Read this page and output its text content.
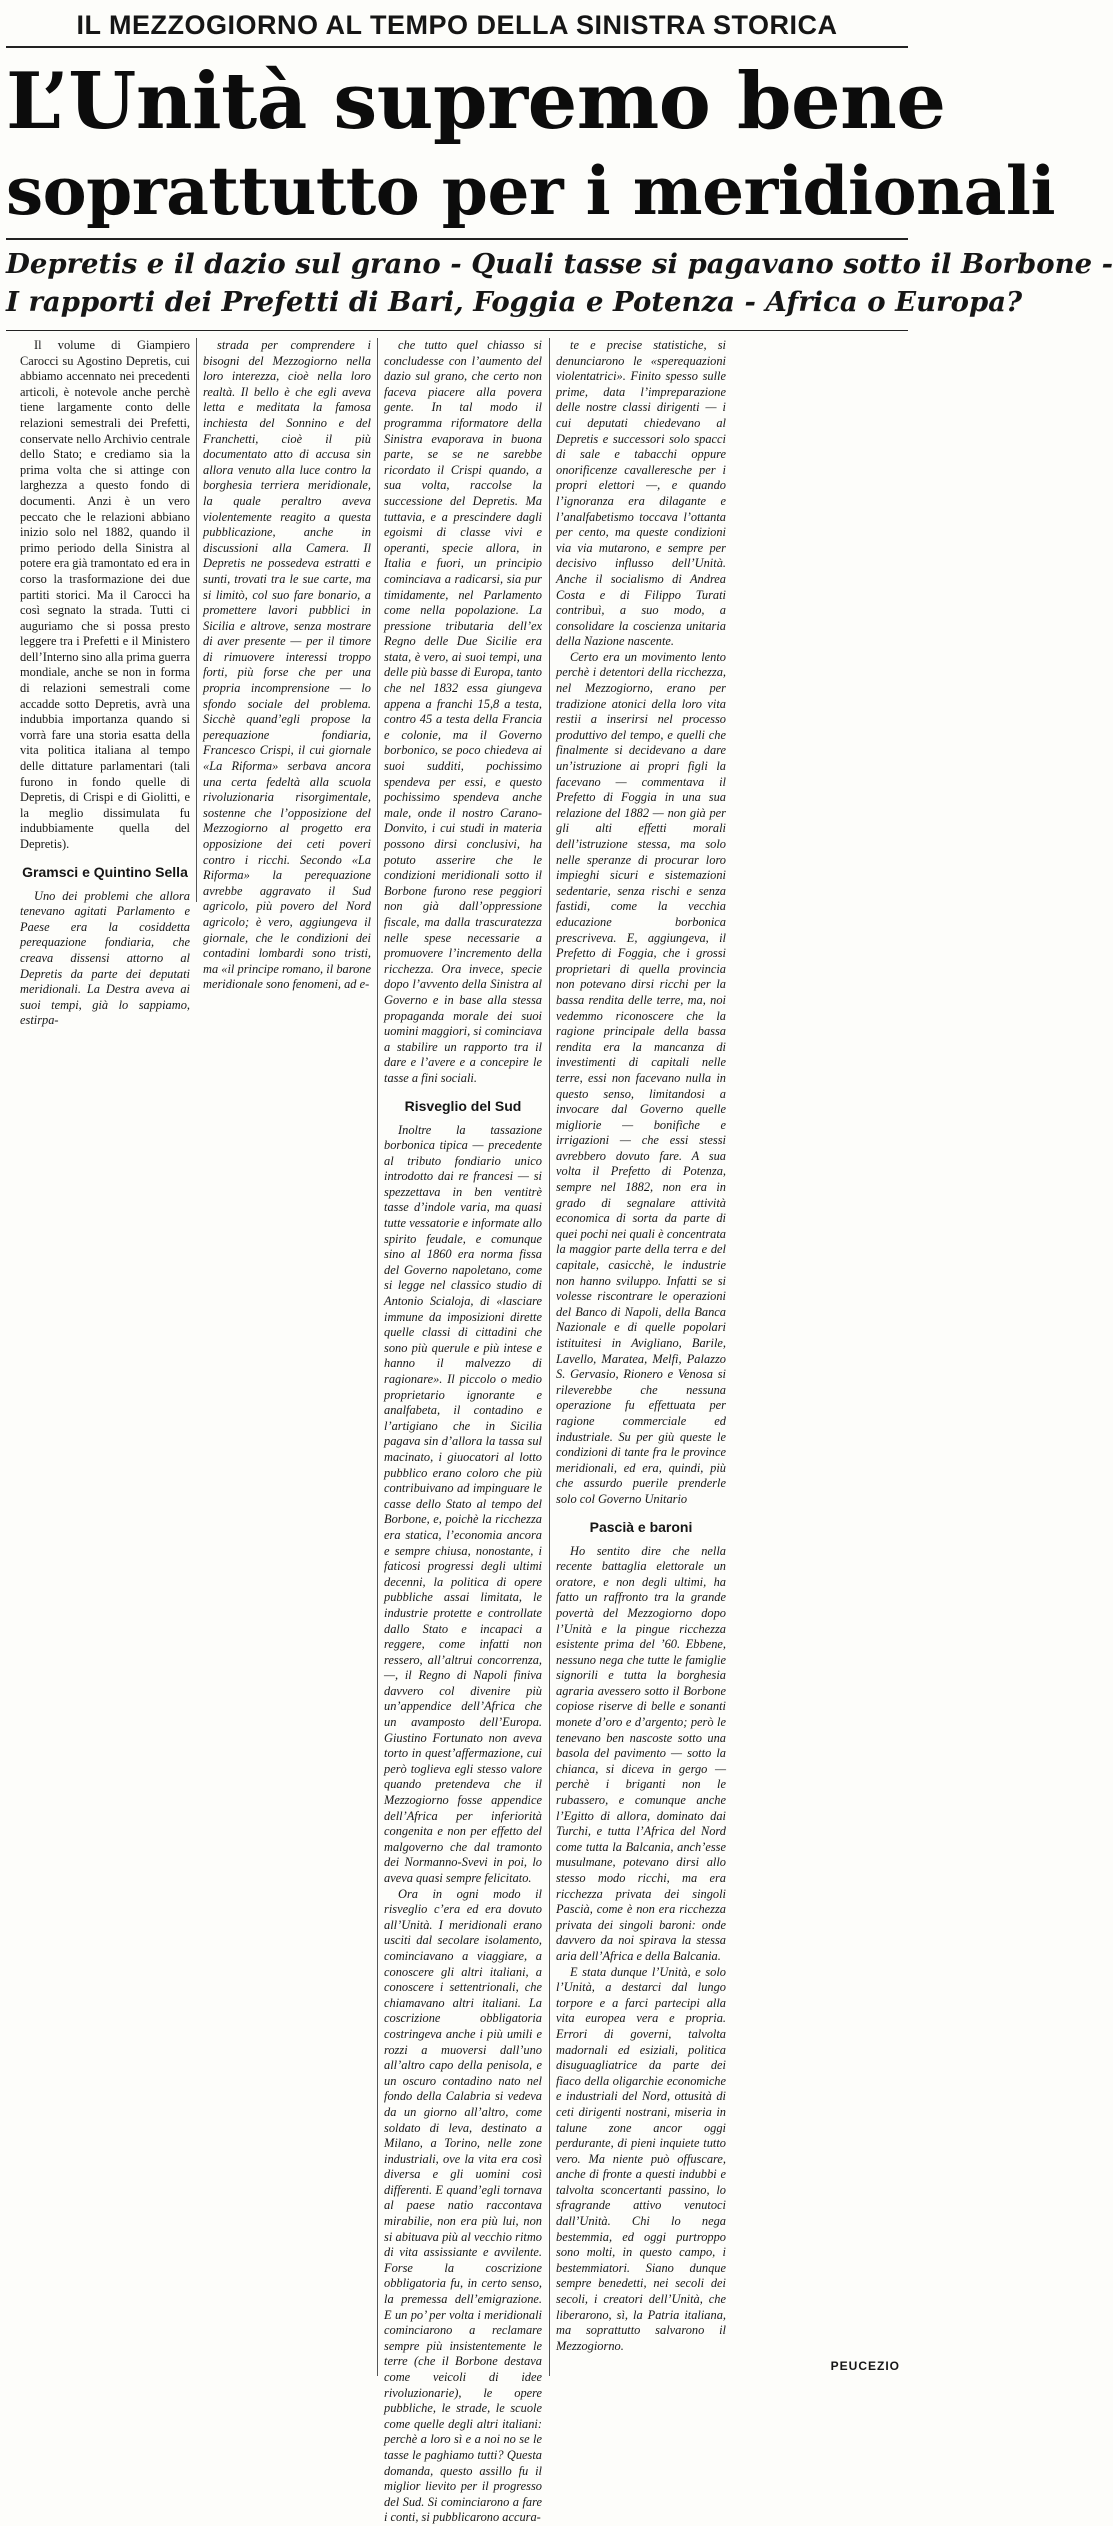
IL MEZZOGIORNO AL TEMPO DELLA SINISTRA STORICA
L’Unità supremo bene
soprattutto per i meridionali
Depretis e il dazio sul grano - Quali tasse si pagavano sotto il Borbone -
I rapporti dei Prefetti di Bari, Foggia e Potenza - Africa o Europa?

Il volume di Giampiero Carocci su Agostino Depretis, cui abbiamo accennato nei precedenti articoli, è notevole anche perchè tiene largamente conto delle relazioni semestrali dei Prefetti, conservate nello Archivio centrale dello Stato; e crediamo sia la prima volta che si attinge con larghezza a questo fondo di documenti. Anzi è un vero peccato che le relazioni abbiano inizio solo nel 1882, quando il primo periodo della Sinistra al potere era già tramontato ed era in corso la trasformazione dei due partiti storici. Ma il Carocci ha così segnato la strada. Tutti ci auguriamo che si possa presto leggere tra i Prefetti e il Ministero dell’Interno sino alla prima guerra mondiale, anche se non in forma di relazioni semestrali come accadde sotto Depretis, avrà una indubbia importanza quando si vorrà fare una storia esatta della vita politica italiana al tempo delle dittature parlamentari (tali furono in fondo quelle di Depretis, di Crispi e di Giolitti, e la meglio dissimulata fu indubbiamente quella del Depretis).

Gramsci e Quintino Sella

Uno dei problemi che allora tenevano agitati Parlamento e Paese era la cosiddetta perequazione fondiaria, che creava dissensi attorno al Depretis da parte dei deputati meridionali. La Destra aveva ai suoi tempi, già lo sappiamo, estirpa-

strada per comprendere i bisogni del Mezzogiorno nella loro interezza, cioè nella loro realtà. Il bello è che egli aveva letta e meditata la famosa inchiesta del Sonnino e del Franchetti, cioè il più documentato atto di accusa sin allora venuto alla luce contro la borghesia terriera meridionale, la quale peraltro aveva violentemente reagito a questa pubblicazione, anche in discussioni alla Camera. Il Depretis ne possedeva estratti e sunti, trovati tra le sue carte, ma si limitò, col suo fare bonario, a promettere lavori pubblici in Sicilia e altrove, senza mostrare di aver presente — per il timore di rimuovere interessi troppo forti, più forse che per una propria incomprensione — lo sfondo sociale del problema. Sicchè quand’egli propose la perequazione fondiaria, Francesco Crispi, il cui giornale «La Riforma» serbava ancora una certa fedeltà alla scuola rivoluzionaria risorgimentale, sostenne che l’opposizione del Mezzogiorno al progetto era opposizione dei ceti poveri contro i ricchi. Secondo «La Riforma» la perequazione avrebbe aggravato il Sud agricolo, più povero del Nord agricolo; è vero, aggiungeva il giornale, che le condizioni dei contadini lombardi sono tristi, ma «il principe romano, il barone meridionale sono fenomeni, ad e-

che tutto quel chiasso si concludesse con l’aumento del dazio sul grano, che certo non faceva piacere alla povera gente. In tal modo il programma riformatore della Sinistra evaporava in buona parte, se se ne sarebbe ricordato il Crispi quando, a sua volta, raccolse la successione del Depretis. Ma tuttavia, e a prescindere dagli egoismi di classe vivi e operanti, specie allora, in Italia e fuori, un principio cominciava a radicarsi, sia pur timidamente, nel Parlamento come nella popolazione. La pressione tributaria dell’ex Regno delle Due Sicilie era stata, è vero, ai suoi tempi, una delle più basse di Europa, tanto che nel 1832 essa giungeva appena a franchi 15,8 a testa, contro 45 a testa della Francia e colonie, ma il Governo borbonico, se poco chiedeva ai suoi sudditi, pochissimo spendeva per essi, e questo pochissimo spendeva anche male, onde il nostro Carano-Donvito, i cui studi in materia possono dirsi conclusivi, ha potuto asserire che le condizioni meridionali sotto il Borbone furono rese peggiori non già dall’oppressione fiscale, ma dalla trascuratezza nelle spese necessarie a promuovere l’incremento della ricchezza. Ora invece, specie dopo l’avvento della Sinistra al Governo e in base alla stessa propaganda morale dei suoi uomini maggiori, si cominciava a stabilire un rapporto tra il dare e l’avere e a concepire le tasse a fini sociali.

Risveglio del Sud

Inoltre la tassazione borbonica tipica — precedente al tributo fondiario unico introdotto dai re francesi — si spezzettava in ben ventitrè tasse d’indole varia, ma quasi tutte vessatorie e informate allo spirito feudale, e comunque sino al 1860 era norma fissa del Governo napoletano, come si legge nel classico studio di Antonio Scialoja, di «lasciare immune da imposizioni dirette quelle classi di cittadini che sono più querule e più intese e hanno il malvezzo di ragionare». Il piccolo o medio proprietario ignorante e analfabeta, il contadino e l’artigiano che in Sicilia pagava sin d’allora la tassa sul macinato, i giuocatori al lotto pubblico erano coloro che più contribuivano ad impinguare le casse dello Stato al tempo del Borbone, e, poichè la ricchezza era statica, l’economia ancora e sempre chiusa, nonostante, i faticosi progressi degli ultimi decenni, la politica di opere pubbliche assai limitata, le industrie protette e controllate dallo Stato e incapaci a reggere, come infatti non ressero, all’altrui concorrenza, —, il Regno di Napoli finiva davvero col divenire più un’appendice dell’Africa che un avamposto dell’Europa. Giustino Fortunato non aveva torto in quest’affermazione, cui però toglieva egli stesso valore quando pretendeva che il Mezzogiorno fosse appendice dell’Africa per inferiorità congenita e non per effetto del malgoverno che dal tramonto dei Normanno-Svevi in poi, lo aveva quasi sempre felicitato.

Ora in ogni modo il risveglio c’era ed era dovuto all’Unità. I meridionali erano usciti dal secolare isolamento, cominciavano a viaggiare, a conoscere gli altri italiani, a conoscere i settentrionali, che chiamavano altri italiani. La coscrizione obbligatoria costringeva anche i più umili e rozzi a muoversi dall’uno all’altro capo della penisola, e un oscuro contadino nato nel fondo della Calabria si vedeva da un giorno all’altro, come soldato di leva, destinato a Milano, a Torino, nelle zone industriali, ove la vita era così diversa e gli uomini così differenti. E quand’egli tornava al paese natio raccontava mirabilie, non era più lui, non si abituava più al vecchio ritmo di vita assissiante e avvilente. Forse la coscrizione obbligatoria fu, in certo senso, la premessa dell’emigrazione. E un po’ per volta i meridionali cominciarono a reclamare sempre più insistentemente le terre (che il Borbone destava come veicoli di idee rivoluzionarie), le opere pubbliche, le strade, le scuole come quelle degli altri italiani: perchè a loro sì e a noi no se le tasse le paghiamo tutti? Questa domanda, questo assillo fu il miglior lievito per il progresso del Sud. Si cominciarono a fare i conti, si pubblicarono accura-

te e precise statistiche, si denunciarono le «sperequazioni violentatrici». Finito spesso sulle prime, data l’impreparazione delle nostre classi dirigenti — i cui deputati chiedevano al Depretis e successori solo spacci di sale e tabacchi oppure onorificenze cavalleresche per i propri elettori —, e quando l’ignoranza era dilagante e l’analfabetismo toccava l’ottanta per cento, ma queste condizioni via via mutarono, e sempre per decisivo influsso dell’Unità. Anche il socialismo di Andrea Costa e di Filippo Turati contribuì, a suo modo, a consolidare la coscienza unitaria della Nazione nascente.

Certo era un movimento lento perchè i detentori della ricchezza, nel Mezzogiorno, erano per tradizione atonici della loro vita restii a inserirsi nel processo produttivo del tempo, e quelli che finalmente si decidevano a dare un’istruzione ai propri figli la facevano — commentava il Prefetto di Foggia in una sua relazione del 1882 — non già per gli alti effetti morali dell’istruzione stessa, ma solo nelle speranze di procurar loro impieghi sicuri e sistemazioni sedentarie, senza rischi e senza fastidi, come la vecchia educazione borbonica prescriveva. E, aggiungeva, il Prefetto di Foggia, che i grossi proprietari di quella provincia non potevano dirsi ricchi per la bassa rendita delle terre, ma, noi vedemmo riconoscere che la ragione principale della bassa rendita era la mancanza di investimenti di capitali nelle terre, essi non facevano nulla in questo senso, limitandosi a invocare dal Governo quelle migliorie — bonifiche e irrigazioni — che essi stessi avrebbero dovuto fare. A sua volta il Prefetto di Potenza, sempre nel 1882, non era in grado di segnalare attività economica di sorta da parte di quei pochi nei quali è concentrata la maggior parte della terra e del capitale, casicchè, le industrie non hanno sviluppo. Infatti se si volesse riscontrare le operazioni del Banco di Napoli, della Banca Nazionale e di quelle popolari istituitesi in Avigliano, Barile, Lavello, Maratea, Melfi, Palazzo S. Gervasio, Rionero e Venosa si rileverebbe che nessuna operazione fu effettuata per ragione commerciale ed industriale. Su per giù queste le condizioni di tante fra le province meridionali, ed era, quindi, più che assurdo puerile prenderle solo col Governo Unitario

Pascià e baroni

Ho sentito dire che nella recente battaglia elettorale un oratore, e non degli ultimi, ha fatto un raffronto tra la grande povertà del Mezzogiorno dopo l’Unità e la pingue ricchezza esistente prima del ’60. Ebbene, nessuno nega che tutte le famiglie signorili e tutta la borghesia agraria avessero sotto il Borbone copiose riserve di belle e sonanti monete d’oro e d’argento; però le tenevano ben nascoste sotto una basola del pavimento — sotto la chianca, si diceva in gergo — perchè i briganti non le rubassero, e comunque anche l’Egitto di allora, dominato dai Turchi, e tutta l’Africa del Nord come tutta la Balcania, anch’esse musulmane, potevano dirsi allo stesso modo ricchi, ma era ricchezza privata dei singoli Pascià, come è non era ricchezza privata dei singoli baroni: onde davvero da noi spirava la stessa aria dell’Africa e della Balcania.

E stata dunque l’Unità, e solo l’Unità, a destarci dal lungo torpore e a farci partecipi alla vita europea vera e propria. Errori di governi, talvolta madornali ed esiziali, politica disuguagliatrice da parte dei fiaco della oligarchie economiche e industriali del Nord, ottusità di ceti dirigenti nostrani, miseria in talune zone ancor oggi perdurante, di pieni inquiete tutto vero. Ma niente può offuscare, anche di fronte a questi indubbi e talvolta sconcertanti passino, lo sfragrande attivo venutoci dall’Unità. Chi lo nega bestemmia, ed oggi purtroppo sono molti, in questo campo, i bestemmiatori. Siano dunque sempre benedetti, nei secoli dei secoli, i creatori dell’Unità, che liberarono, sì, la Patria italiana, ma soprattutto salvarono il Mezzogiorno.

PEUCEZIO
